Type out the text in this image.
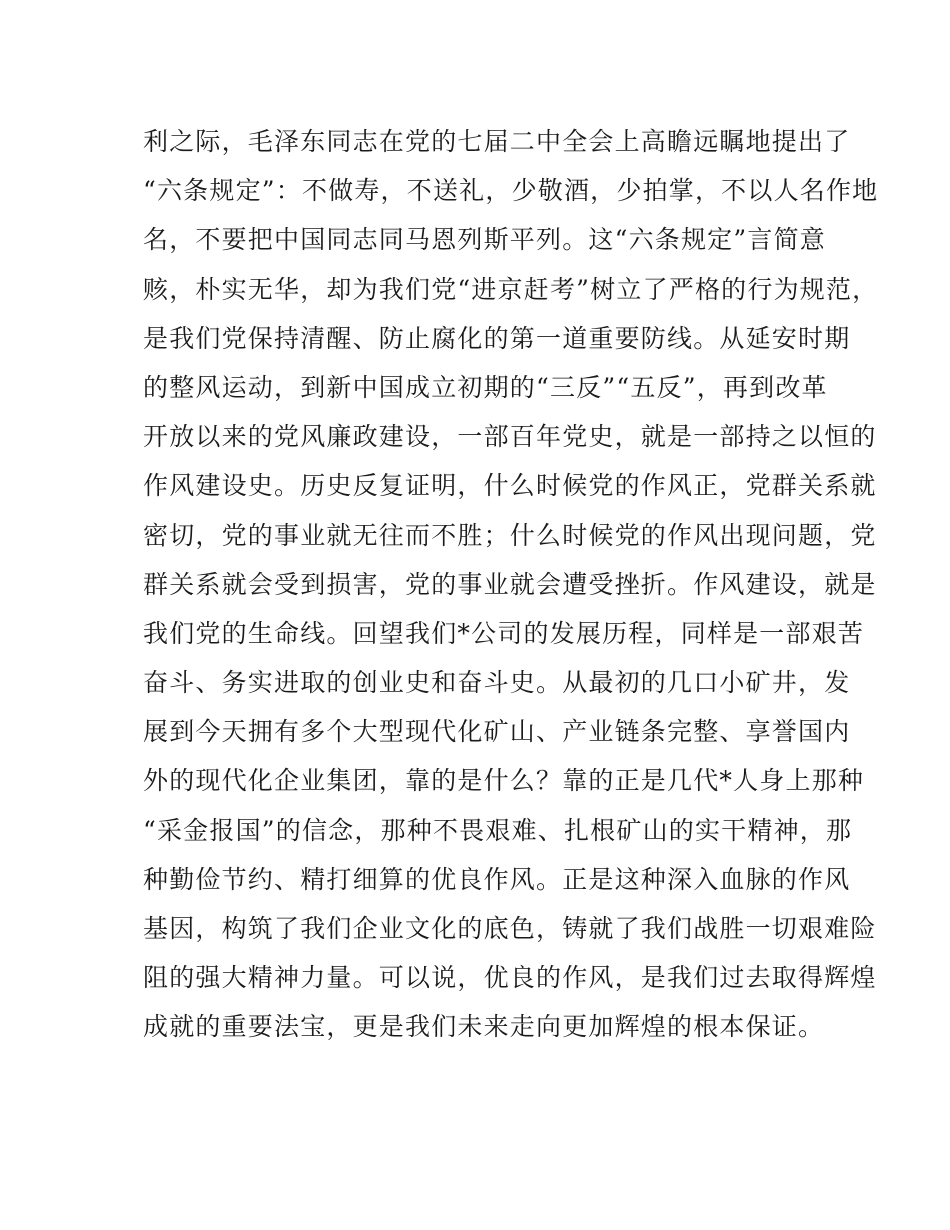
利之际，毛泽东同志在党的七届二中全会上高瞻远瞩地提出了
“六条规定”：不做寿，不送礼，少敬酒，少拍掌，不以人名作地
名，不要把中国同志同马恩列斯平列。这“六条规定”言简意
赅，朴实无华，却为我们党“进京赶考”树立了严格的行为规范，
是我们党保持清醒、防止腐化的第一道重要防线。从延安时期
的整风运动，到新中国成立初期的“三反”“五反”，再到改革
开放以来的党风廉政建设，一部百年党史，就是一部持之以恒的
作风建设史。历史反复证明，什么时候党的作风正，党群关系就
密切，党的事业就无往而不胜；什么时候党的作风出现问题，党
群关系就会受到损害，党的事业就会遭受挫折。作风建设，就是
我们党的生命线。回望我们*公司的发展历程，同样是一部艰苦
奋斗、务实进取的创业史和奋斗史。从最初的几口小矿井，发
展到今天拥有多个大型现代化矿山、产业链条完整、享誉国内
外的现代化企业集团，靠的是什么？靠的正是几代*人身上那种
“采金报国”的信念，那种不畏艰难、扎根矿山的实干精神，那
种勤俭节约、精打细算的优良作风。正是这种深入血脉的作风
基因，构筑了我们企业文化的底色，铸就了我们战胜一切艰难险
阻的强大精神力量。可以说，优良的作风，是我们过去取得辉煌
成就的重要法宝，更是我们未来走向更加辉煌的根本保证。
